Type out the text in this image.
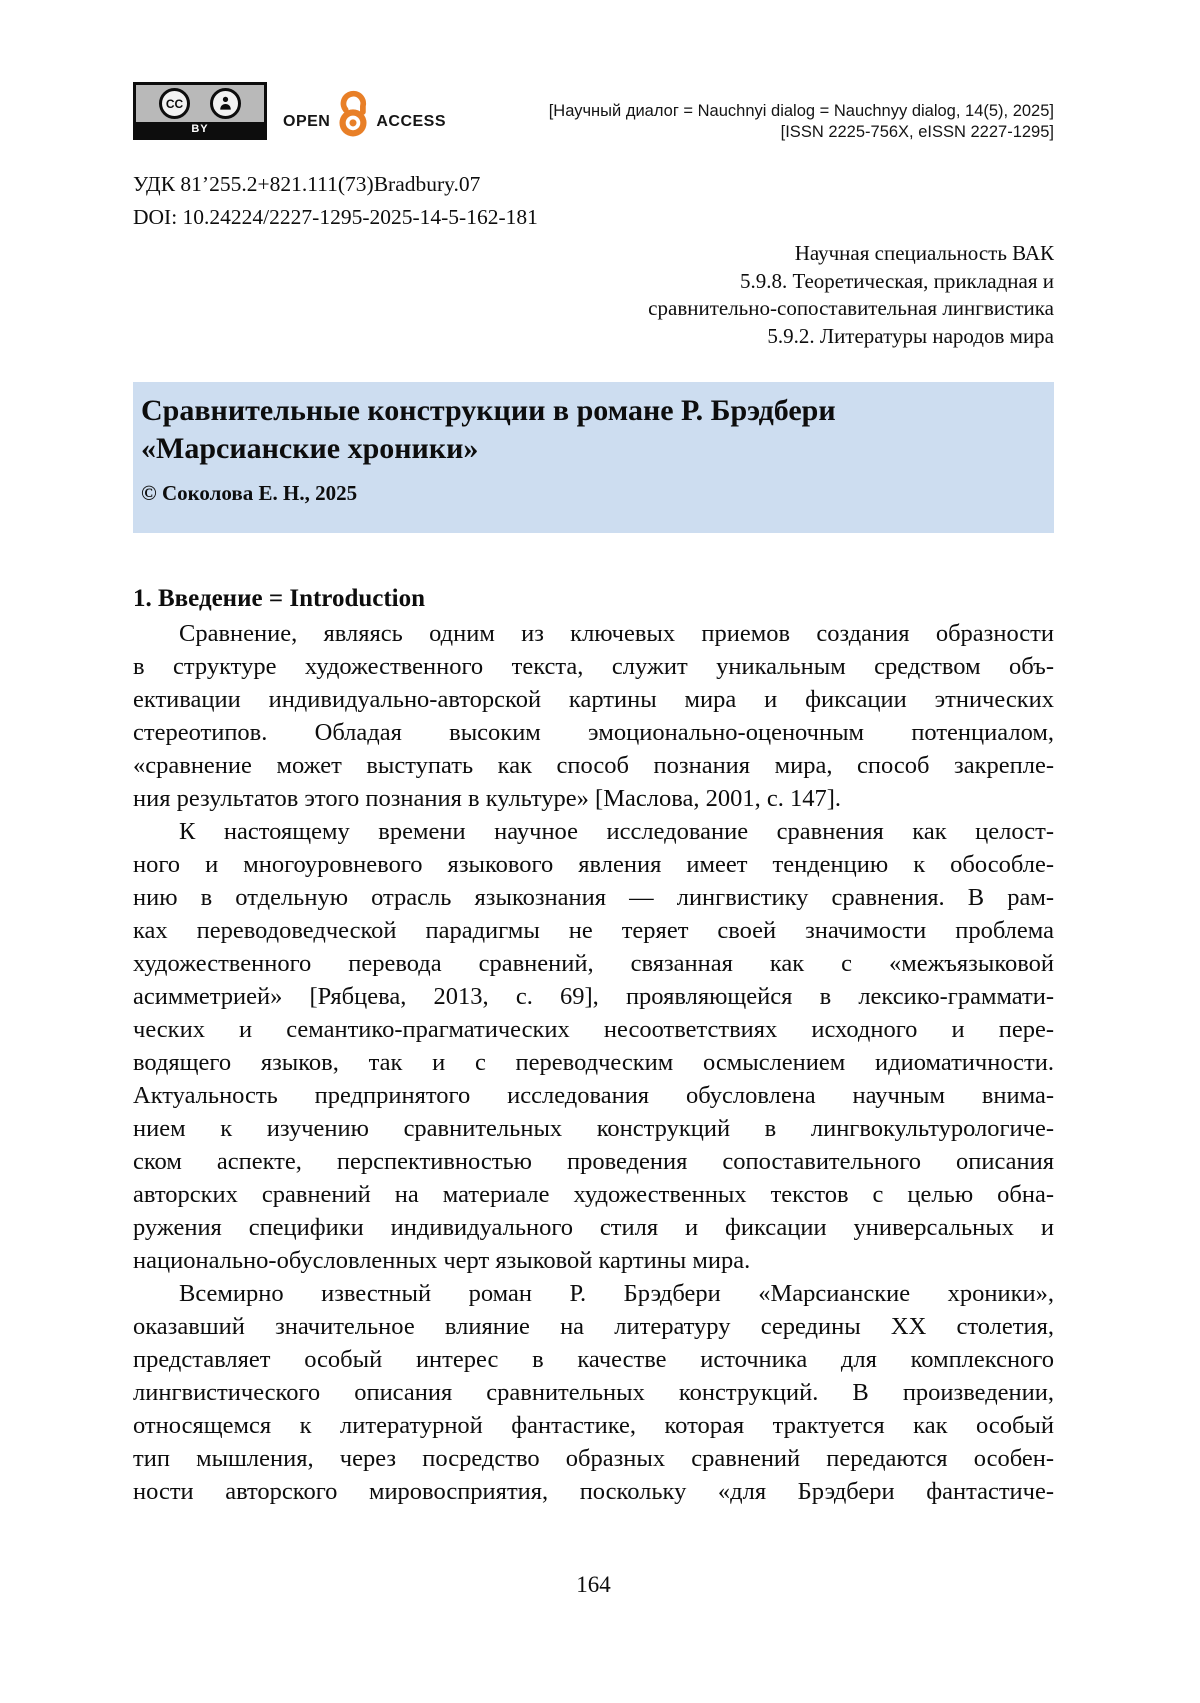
CC
BY	OPEN	ACCESS
[Научный диалог = Nauchnyi dialog = Nauchnyy dialog, 14(5), 2025]
[ISSN 2225-756X, eISSN 2227-1295]
УДК 81’255.2+821.111(73)Bradbury.07
DOI: 10.24224/2227-1295-2025-14-5-162-181
Научная специальность ВАК
5.9.8. Теоретическая, прикладная и
сравнительно-сопоставительная лингвистика
5.9.2. Литературы народов мира
Сравнительные конструкции в романе Р. Брэдбери
«Марсианские хроники»
© Соколова Е. Н., 2025
1. Введение = Introduction
Сравнение, являясь одним из ключевых приемов создания образности
в структуре художественного текста, служит уникальным средством объ-
ективации индивидуально-авторской картины мира и фиксации этнических
стереотипов. Обладая высоким эмоционально-оценочным потенциалом,
«сравнение может выступать как способ познания мира, способ закрепле-
ния результатов этого познания в культуре» [Маслова, 2001, с. 147].
К настоящему времени научное исследование сравнения как целост-
ного и многоуровневого языкового явления имеет тенденцию к обособле-
нию в отдельную отрасль языкознания — лингвистику сравнения. В рам-
ках переводоведческой парадигмы не теряет своей значимости проблема
художественного перевода сравнений, связанная как с «межъязыковой
асимметрией» [Рябцева, 2013, с. 69], проявляющейся в лексико-граммати-
ческих и семантико-прагматических несоответствиях исходного и пере-
водящего языков, так и с переводческим осмыслением идиоматичности.
Актуальность предпринятого исследования обусловлена научным внима-
нием к изучению сравнительных конструкций в лингвокультурологиче-
ском аспекте, перспективностью проведения сопоставительного описания
авторских сравнений на материале художественных текстов с целью обна-
ружения специфики индивидуального стиля и фиксации универсальных и
национально-обусловленных черт языковой картины мира.
Всемирно известный роман Р. Брэдбери «Марсианские хроники»,
оказавший значительное влияние на литературу середины XX столетия,
представляет особый интерес в качестве источника для комплексного
лингвистического описания сравнительных конструкций. В произведении,
относящемся к литературной фантастике, которая трактуется как особый
тип мышления, через посредство образных сравнений передаются особен-
ности авторского мировосприятия, поскольку «для Брэдбери фантастиче-
164
